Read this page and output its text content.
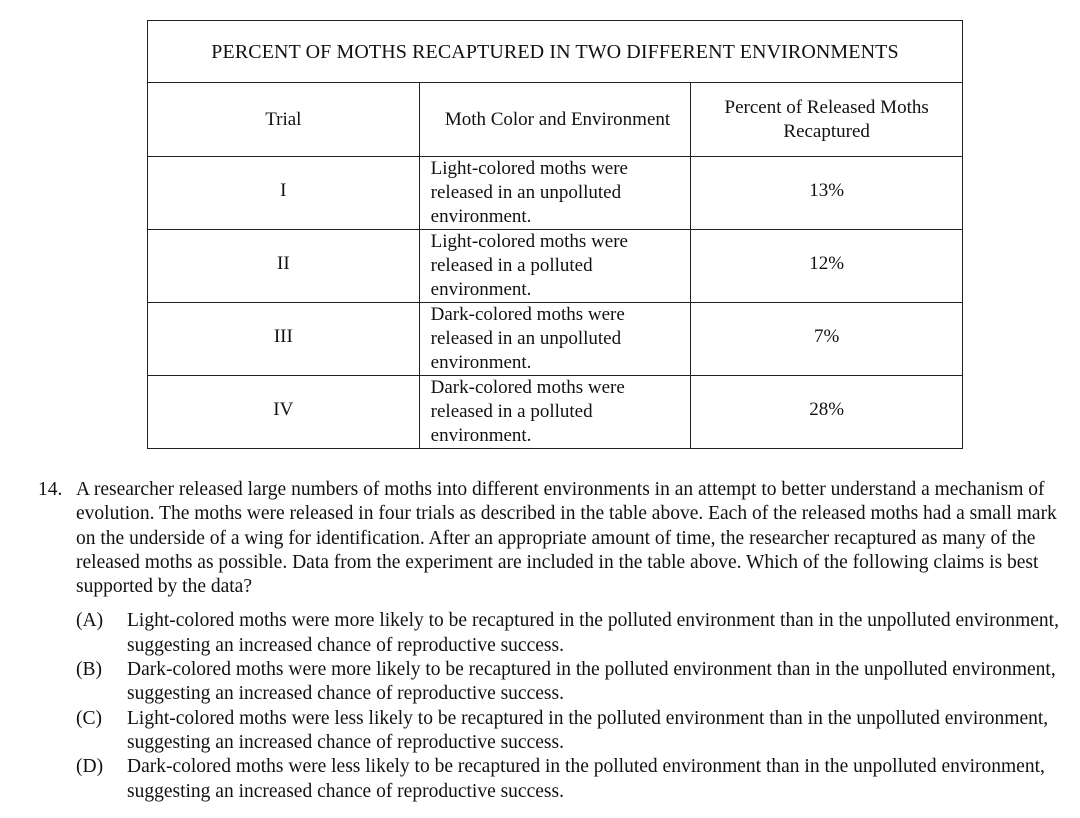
PERCENT OF MOTHS RECAPTURED IN TWO DIFFERENT ENVIRONMENTS		
Trial	Moth Color and Environment	Percent of Released Moths Recaptured
I	Light-colored moths were released in an unpolluted environment.	13%
II	Light-colored moths were released in a polluted environment.	12%
III	Dark-colored moths were released in an unpolluted environment.	7%
IV	Dark-colored moths were released in a polluted environment.	28%

14. A researcher released large numbers of moths into different environments in an attempt to better understand a mechanism of evolution. The moths were released in four trials as described in the table above. Each of the released moths had a small mark on the underside of a wing for identification. After an appropriate amount of time, the researcher recaptured as many of the released moths as possible. Data from the experiment are included in the table above. Which of the following claims is best supported by the data?

(A) Light-colored moths were more likely to be recaptured in the polluted environment than in the unpolluted environment, suggesting an increased chance of reproductive success.
(B) Dark-colored moths were more likely to be recaptured in the polluted environment than in the unpolluted environment, suggesting an increased chance of reproductive success.
(C) Light-colored moths were less likely to be recaptured in the polluted environment than in the unpolluted environment, suggesting an increased chance of reproductive success.
(D) Dark-colored moths were less likely to be recaptured in the polluted environment than in the unpolluted environment, suggesting an increased chance of reproductive success.
